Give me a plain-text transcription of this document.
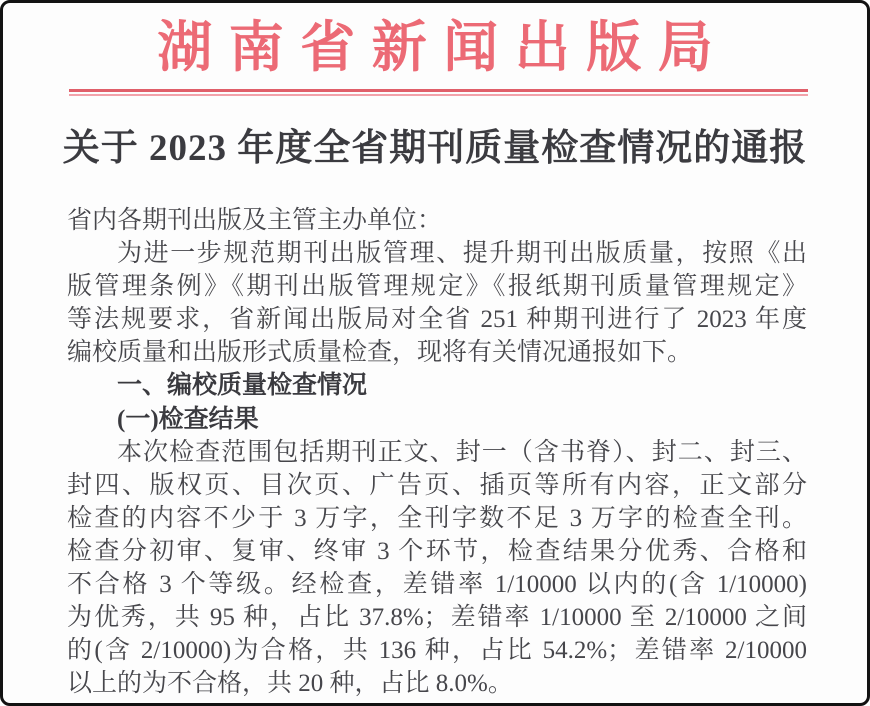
湖南省新闻出版局
关于 2023 年度全省期刊质量检查情况的通报
省内各期刊出版及主管主办单位：
为进一步规范期刊出版管理、提升期刊出版质量，按照《出
版管理条例》《期刊出版管理规定》《报纸期刊质量管理规定》
等法规要求，省新闻出版局对全省 251 种期刊进行了 2023 年度
编校质量和出版形式质量检查，现将有关情况通报如下。
一、编校质量检查情况
(一)检查结果
本次检查范围包括期刊正文、封一（含书脊）、封二、封三、
封四、版权页、目次页、广告页、插页等所有内容，正文部分
检查的内容不少于 3 万字，全刊字数不足 3 万字的检查全刊。
检查分初审、复审、终审 3 个环节，检查结果分优秀、合格和
不合格 3 个等级。经检查，差错率 1/10000 以内的(含 1/10000)
为优秀，共 95 种，占比 37.8%；差错率 1/10000 至 2/10000 之间
的(含 2/10000)为合格，共 136 种，占比 54.2%；差错率 2/10000
以上的为不合格，共 20 种，占比 8.0%。
